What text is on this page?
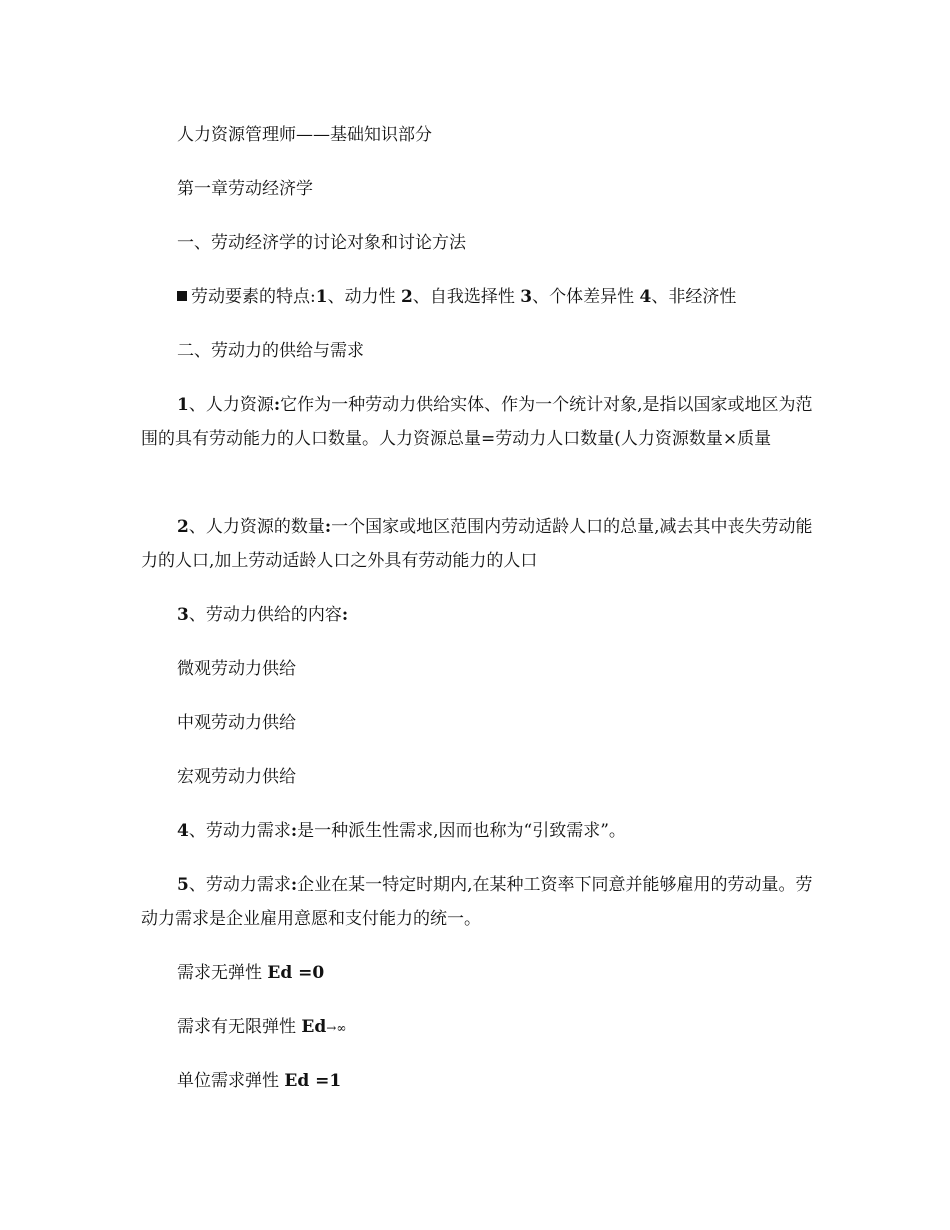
人力资源管理师——基础知识部分

第一章劳动经济学

一、劳动经济学的讨论对象和讨论方法

劳动要素的特点:1、动力性 2、自我选择性 3、个体差异性 4、非经济性

二、劳动力的供给与需求

1、人力资源:它作为一种劳动力供给实体、作为一个统计对象,是指以国家或地区为范围的具有劳动能力的人口数量。人力资源总量=劳动力人口数量(人力资源数量×质量

2、人力资源的数量:一个国家或地区范围内劳动适龄人口的总量,减去其中丧失劳动能力的人口,加上劳动适龄人口之外具有劳动能力的人口

3、劳动力供给的内容:

微观劳动力供给

中观劳动力供给

宏观劳动力供给

4、劳动力需求:是一种派生性需求,因而也称为“引致需求”。

5、劳动力需求:企业在某一特定时期内,在某种工资率下同意并能够雇用的劳动量。劳动力需求是企业雇用意愿和支付能力的统一。

需求无弹性 Ed =0

需求有无限弹性 Ed→∞

单位需求弹性 Ed =1
